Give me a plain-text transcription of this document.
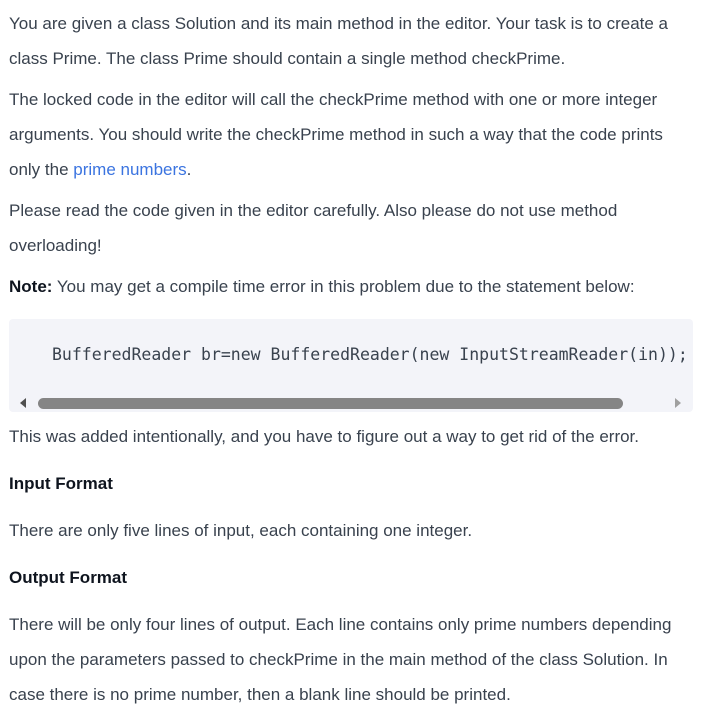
You are given a class Solution and its main method in the editor. Your task is to create a class Prime. The class Prime should contain a single method checkPrime.

The locked code in the editor will call the checkPrime method with one or more integer arguments. You should write the checkPrime method in such a way that the code prints only the prime numbers.

Please read the code given in the editor carefully. Also please do not use method overloading!

Note: You may get a compile time error in this problem due to the statement below:

BufferedReader br=new BufferedReader(new InputStreamReader(in));

This was added intentionally, and you have to figure out a way to get rid of the error.

Input Format

There are only five lines of input, each containing one integer.

Output Format

There will be only four lines of output. Each line contains only prime numbers depending upon the parameters passed to checkPrime in the main method of the class Solution. In case there is no prime number, then a blank line should be printed.
